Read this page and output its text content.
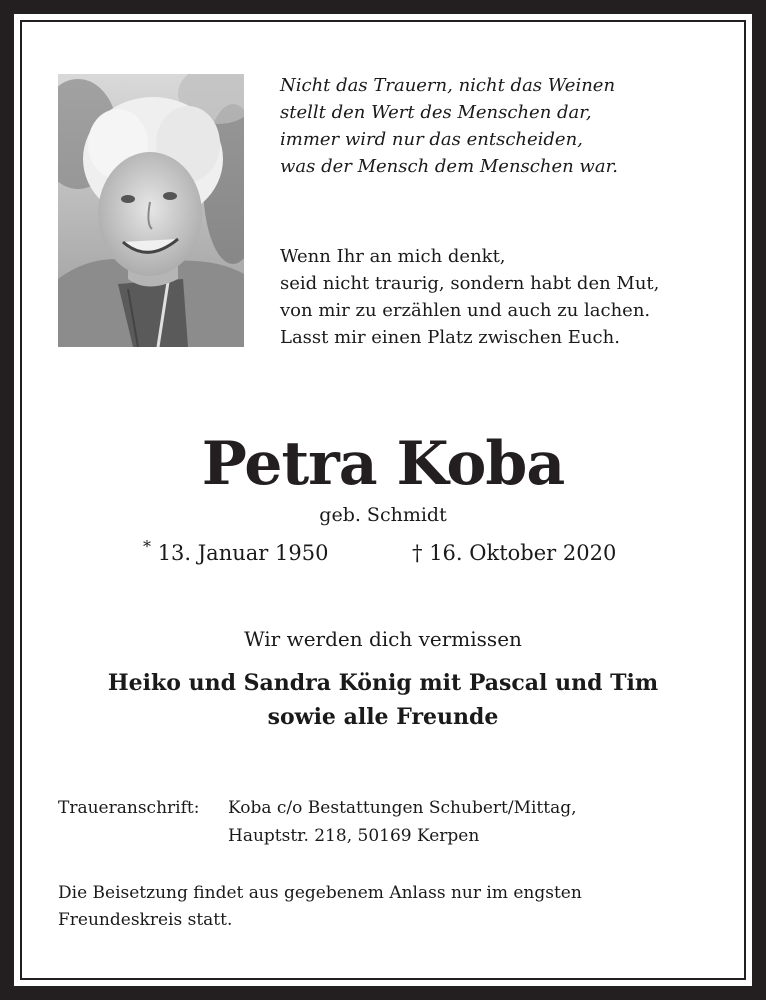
Nicht das Trauern, nicht das Weinen
stellt den Wert des Menschen dar,
immer wird nur das entscheiden,
was der Mensch dem Menschen war.
Wenn Ihr an mich denkt,
seid nicht traurig, sondern habt den Mut,
von mir zu erzählen und auch zu lachen.
Lasst mir einen Platz zwischen Euch.
Petra Koba
geb. Schmidt
* 13. Januar 1950	† 16. Oktober 2020
Wir werden dich vermissen
Heiko und Sandra König mit Pascal und Tim
sowie alle Freunde
Traueranschrift: Koba c/o Bestattungen Schubert/Mittag,
Hauptstr. 218, 50169 Kerpen
Die Beisetzung findet aus gegebenem Anlass nur im engsten
Freundeskreis statt.
